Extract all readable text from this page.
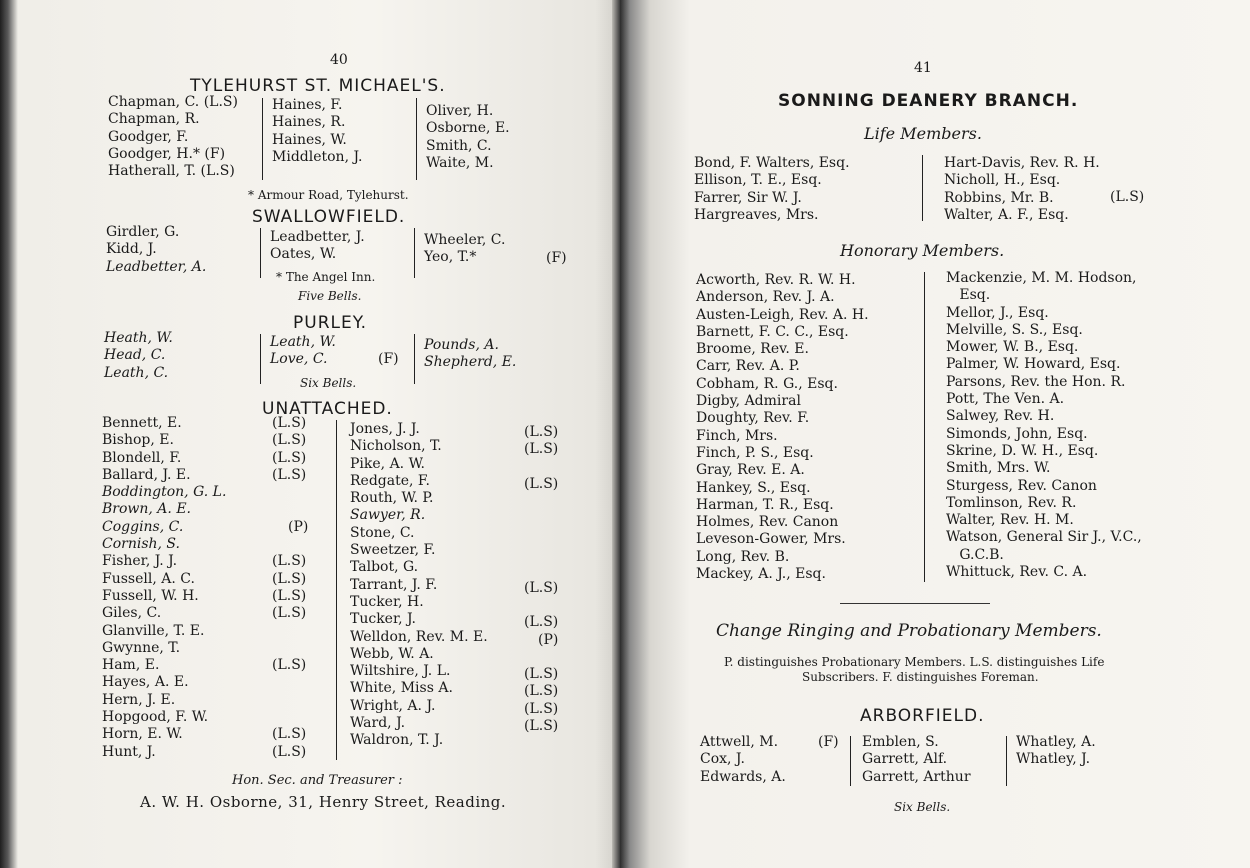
40
TYLEHURST ST. MICHAEL'S.
Chapman, C. (L.S)
Chapman, R.
Goodger, F.
Goodger, H.* (F)
Hatherall, T. (L.S)
Haines, F.
Haines, R.
Haines, W.
Middleton, J.
Oliver, H.
Osborne, E.
Smith, C.
Waite, M.
* Armour Road, Tylehurst.
SWALLOWFIELD.
Girdler, G.
Kidd, J.
Leadbetter, A.
Leadbetter, J.
Oates, W.
Wheeler, C.
Yeo, T.*	(F)
* The Angel Inn.
Five Bells.
PURLEY.
Heath, W.
Head, C.
Leath, C.
Leath, W.
Love, C.	(F)
Pounds, A.
Shepherd, E.
Six Bells.
UNATTACHED.
Bennett, E.
Bishop, E.
Blondell, F.
Ballard, J. E.
Boddington, G. L.
Brown, A. E.
Coggins, C.
Cornish, S.
Fisher, J. J.
Fussell, A. C.
Fussell, W. H.
Giles, C.
Glanville, T. E.
Gwynne, T.
Ham, E.
Hayes, A. E.
Hern, J. E.
Hopgood, F. W.
Horn, E. W.
Hunt, J.
(L.S)
(L.S)
(L.S)
(L.S)
(P)
(L.S)
(L.S)
(L.S)
(L.S)
(L.S)
(L.S)
(L.S)
Jones, J. J.
Nicholson, T.
Pike, A. W.
Redgate, F.
Routh, W. P.
Sawyer, R.
Stone, C.
Sweetzer, F.
Talbot, G.
Tarrant, J. F.
Tucker, H.
Tucker, J.
Welldon, Rev. M. E.
Webb, W. A.
Wiltshire, J. L.
White, Miss A.
Wright, A. J.
Ward, J.
Waldron, T. J.
(L.S)
(L.S)
(L.S)
(L.S)
(L.S)
(P)
(L.S)
(L.S)
(L.S)
(L.S)
Hon. Sec. and Treasurer :
A. W. H. Osborne, 31, Henry Street, Reading.
41
SONNING DEANERY BRANCH.
Life Members.
Bond, F. Walters, Esq.
Ellison, T. E., Esq.
Farrer, Sir W. J.
Hargreaves, Mrs.
Hart-Davis, Rev. R. H.
Nicholl, H., Esq.
Robbins, Mr. B.
Walter, A. F., Esq.
(L.S)
Honorary Members.
Acworth, Rev. R. W. H.
Anderson, Rev. J. A.
Austen-Leigh, Rev. A. H.
Barnett, F. C. C., Esq.
Broome, Rev. E.
Carr, Rev. A. P.
Cobham, R. G., Esq.
Digby, Admiral
Doughty, Rev. F.
Finch, Mrs.
Finch, P. S., Esq.
Gray, Rev. E. A.
Hankey, S., Esq.
Harman, T. R., Esq.
Holmes, Rev. Canon
Leveson-Gower, Mrs.
Long, Rev. B.
Mackey, A. J., Esq.
Mackenzie, M. M. Hodson,
Esq.
Mellor, J., Esq.
Melville, S. S., Esq.
Mower, W. B., Esq.
Palmer, W. Howard, Esq.
Parsons, Rev. the Hon. R.
Pott, The Ven. A.
Salwey, Rev. H.
Simonds, John, Esq.
Skrine, D. W. H., Esq.
Smith, Mrs. W.
Sturgess, Rev. Canon
Tomlinson, Rev. R.
Walter, Rev. H. M.
Watson, General Sir J., V.C.,
G.C.B.
Whittuck, Rev. C. A.
Change Ringing and Probationary Members.
P. distinguishes Probationary Members. L.S. distinguishes Life
Subscribers. F. distinguishes Foreman.
ARBORFIELD.
Attwell, M.
Cox, J.
Edwards, A.
(F) Emblen, S.
Garrett, Alf.
Garrett, Arthur
Whatley, A.
Whatley, J.
Six Bells.
